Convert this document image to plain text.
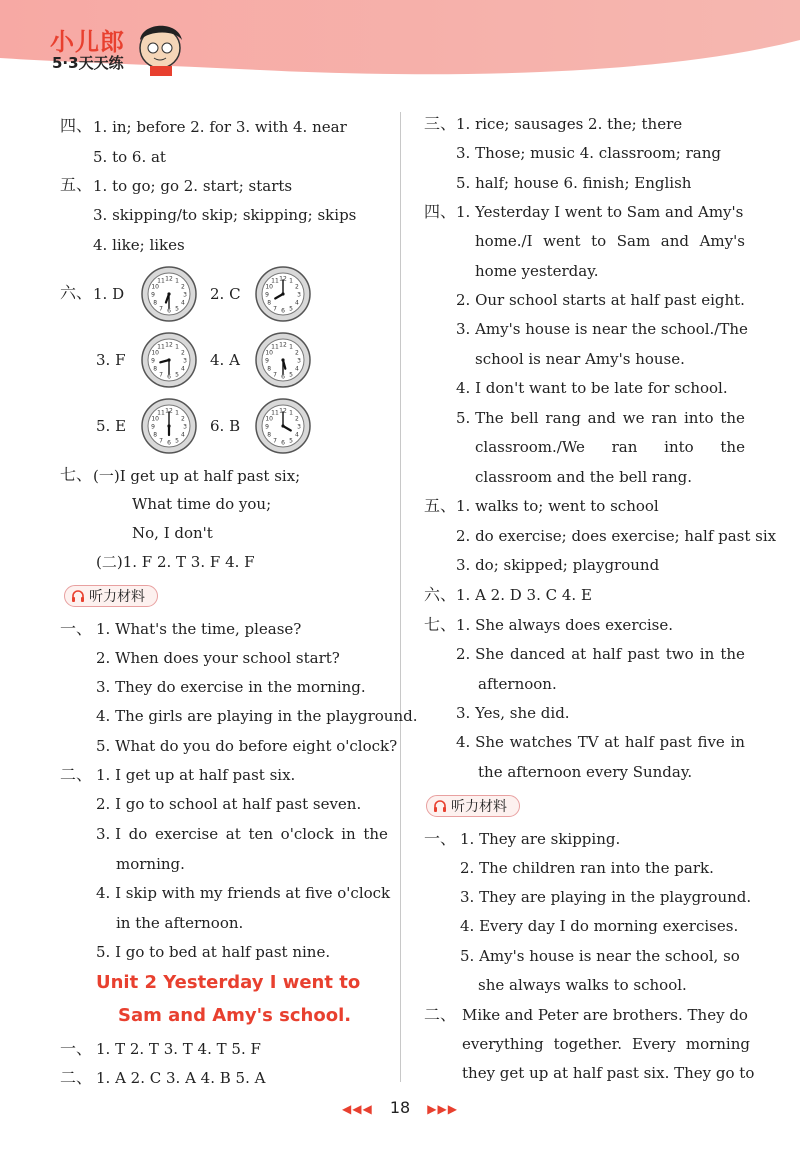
小儿郎
5·3天天练
四、 1. in; before 2. for 3. with 4. near
5. to 6. at
五、 1. to go; go 2. start; starts
3. skipping/to skip; skipping; skips
4. like; likes
六、 1. D	2. C
3. F	4. A
5. E	6. B
1
2
3
4
5
6
7
8
9
10
11 12	1
2
3
4
5
6
7
8
9
10
11 12
1
2
3
4
5
6
7
8
9
10
11 12	1
2
3
4
5
6
7
8
9
10
11 12
1
2
3
4
5
6
7
8
9
10
11 12	1
2
3
4
5
6
7
8
9
10
11 12
七、 (一)I get up at half past six;
What time do you;
No, I don't
(二)1. F 2. T 3. F 4. F
听力材料
一、 1. What's the time, please?
2. When does your school start?
3. They do exercise in the morning.
4. The girls are playing in the playground.
5. What do you do before eight o'clock?
二、 1. I get up at half past six.
2. I go to school at half past seven.
3. I do exercise at ten o'clock in the
morning.
4. I skip with my friends at five o'clock
in the afternoon.
5. I go to bed at half past nine.
Unit 2 Yesterday I went to
Sam and Amy's school.
一、 1. T 2. T 3. T 4. T 5. F
二、 1. A 2. C 3. A 4. B 5. A
三、 1. rice; sausages 2. the; there
3. Those; music 4. classroom; rang
5. half; house 6. finish; English
四、 1. Yesterday I went to Sam and Amy's
home./I went to Sam and Amy's
home yesterday.
2. Our school starts at half past eight.
3. Amy's house is near the school./The
school is near Amy's house.
4. I don't want to be late for school.
5. The bell rang and we ran into the
classroom./We ran into the
classroom and the bell rang.
五、 1. walks to; went to school
2. do exercise; does exercise; half past six
3. do; skipped; playground
六、 1. A 2. D 3. C 4. E
七、 1. She always does exercise.
2. She danced at half past two in the
afternoon.
3. Yes, she did.
4. She watches TV at half past five in
the afternoon every Sunday.
听力材料
一、 1. They are skipping.
2. The children ran into the park.
3. They are playing in the playground.
4. Every day I do morning exercises.
5. Amy's house is near the school, so
she always walks to school.
二、 Mike and Peter are brothers. They do
everything together. Every morning
they get up at half past six. They go to
◀◀◀ 18 ▶▶▶
